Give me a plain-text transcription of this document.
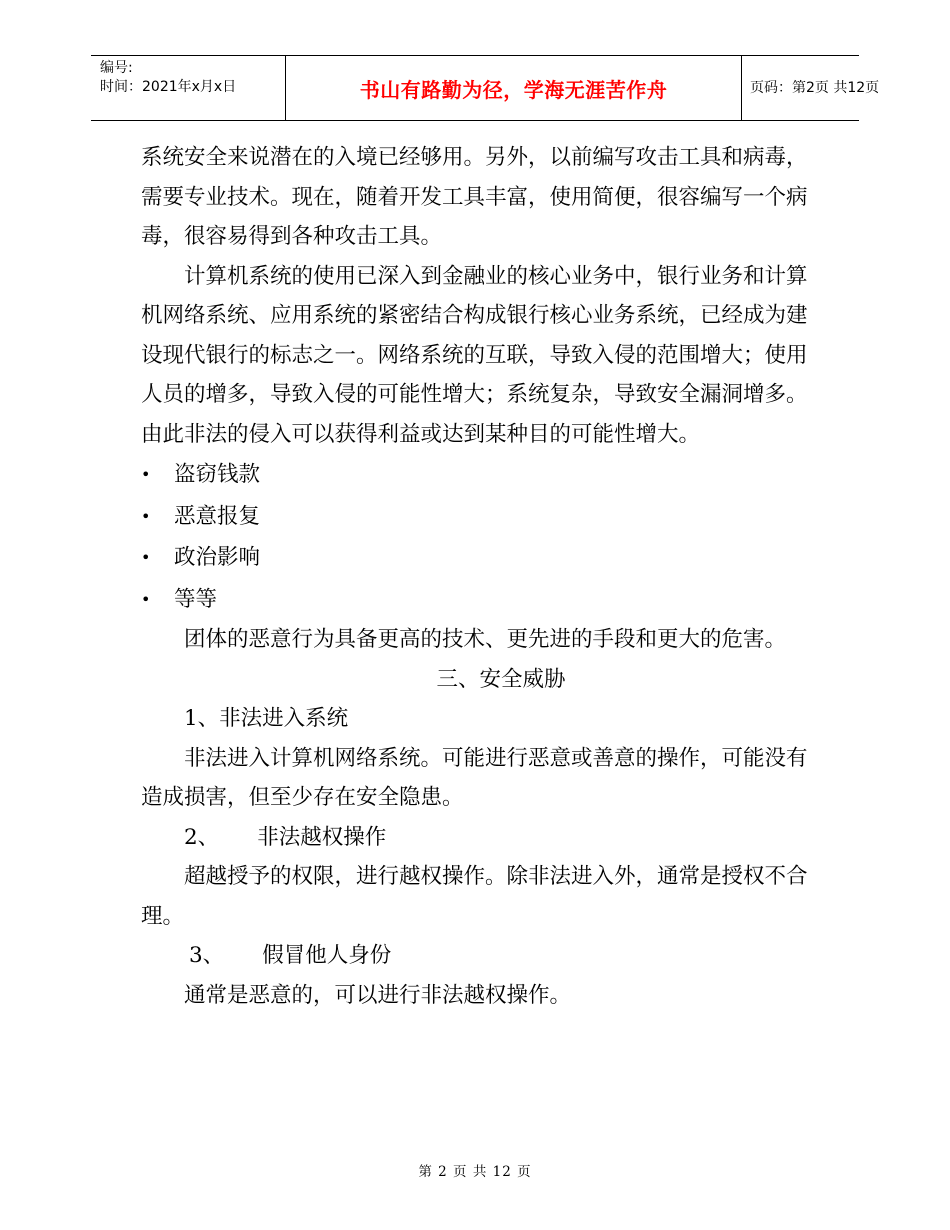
编号:
时间：2021年x月x日	书山有路勤为径，学海无涯苦作舟	页码：第2页 共12页

系统安全来说潜在的入境已经够用。另外，以前编写攻击工具和病毒，需要专业技术。现在，随着开发工具丰富，使用简便，很容编写一个病毒，很容易得到各种攻击工具。

计算机系统的使用已深入到金融业的核心业务中，银行业务和计算机网络系统、应用系统的紧密结合构成银行核心业务系统，已经成为建设现代银行的标志之一。网络系统的互联，导致入侵的范围增大；使用人员的增多，导致入侵的可能性增大；系统复杂，导致安全漏洞增多。由此非法的侵入可以获得利益或达到某种目的可能性增大。

•	盗窃钱款
•	恶意报复
•	政治影响
•	等等

团体的恶意行为具备更高的技术、更先进的手段和更大的危害。

三、安全威胁

1、非法进入系统

非法进入计算机网络系统。可能进行恶意或善意的操作，可能没有造成损害，但至少存在安全隐患。

2、 非法越权操作

超越授予的权限，进行越权操作。除非法进入外，通常是授权不合理。

3、 假冒他人身份

通常是恶意的，可以进行非法越权操作。

第 2 页 共 12 页
